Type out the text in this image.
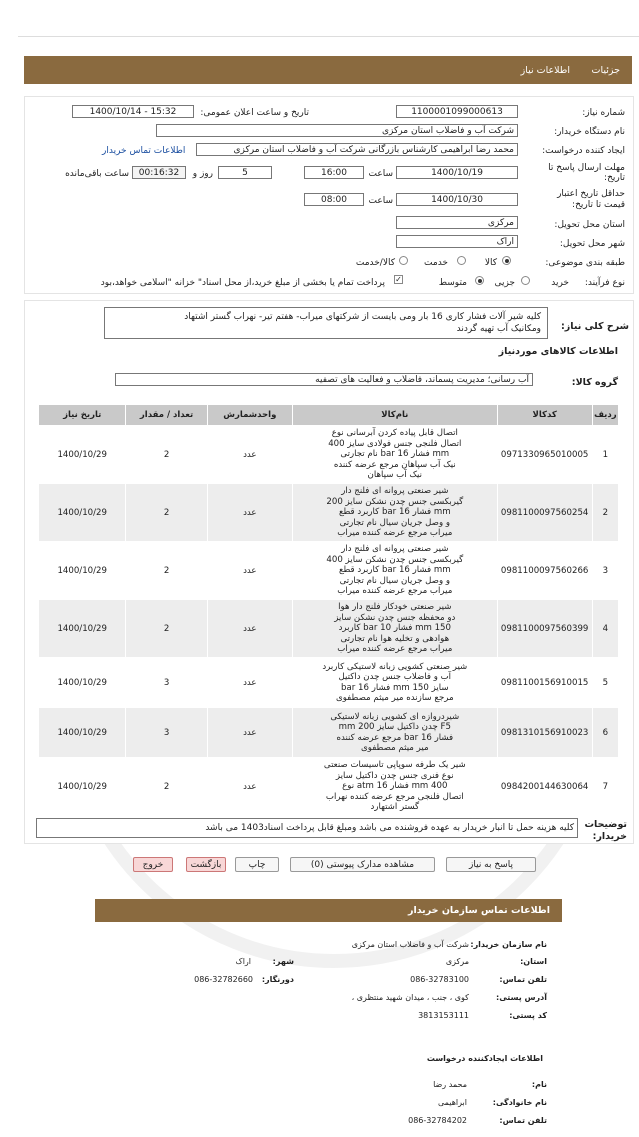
جزئیات
اطلاعات نیاز
شماره نیاز:
1100001099000613
تاریخ و ساعت اعلان عمومی:
1400/10/14 - 15:32
نام دستگاه خریدار:
شرکت آب و فاضلاب استان مرکزی
ایجاد کننده درخواست:
محمد رضا ابراهیمی کارشناس بازرگانی شرکت آب و فاضلاب استان مرکزی
اطلاعات تماس خریدار
مهلت ارسال پاسخ تا
تاریخ:
1400/10/19
ساعت
16:00
5
روز و
00:16:32
ساعت باقی‌مانده
حداقل تاریخ اعتبار
قیمت تا تاریخ:
1400/10/30
ساعت
08:00
استان محل تحویل:
مرکزی
شهر محل تحویل:
اراک
طبقه بندی موضوعی:
کالا
خدمت
کالا/خدمت
نوع فرآیند:
خرید
جزیی
متوسط
✓
پرداخت تمام یا بخشی از مبلغ خرید،از محل اسناد" خزانه "اسلامی خواهد،بود
شرح کلی نیاز:
کلیه شیر آلات فشار کاری 16 بار ومی بایست از شرکتهای میراب- هفتم تیر- نهراب گستر اشتهاد
ومکانیک آب تهیه گردند
اطلاعات کالاهای موردنیاز
گروه کالا:
آب رسانی؛ مدیریت پسماند، فاضلاب و فعالیت های تصفیه
ردیف	کدکالا	نام‌کالا	واحدشمارش	تعداد / مقدار	تاریخ نیاز
1	0971330965010005	اتصال قابل پیاده کردن آبرسانی نوع
اتصال فلنجی جنس فولادی سایز 400
mm فشار 16 bar نام تجارتی
نیک آب سپاهان مرجع عرضه کننده
نیک آب سپاهان	عدد	2	1400/10/29
2	0981100097560254	شیر صنعتی پروانه ای فلنج دار
گیربکسی جنس چدن نشکن سایز 200
mm فشار 16 bar کاربرد قطع
و وصل جریان سیال نام تجارتی
میراب مرجع عرضه کننده میراب	عدد	2	1400/10/29
3	0981100097560266	شیر صنعتی پروانه ای فلنج دار
گیربکسی جنس چدن نشکن سایز 400
mm فشار 16 bar کاربرد قطع
و وصل جریان سیال نام تجارتی
میراب مرجع عرضه کننده میراب	عدد	2	1400/10/29
4	0981100097560399	شیر صنعتی خودکار فلنج دار هوا
دو محفظه جنس چدن نشکن سایز
150 mm فشار 10 bar کاربرد
هوادهی و تخلیه هوا نام تجارتی
میراب مرجع عرضه کننده میراب	عدد	2	1400/10/29
5	0981100156910015	شیر صنعتی کشویی زبانه لاستیکی کاربرد
آب و فاضلاب جنس چدن داکتیل
سایز 150 mm فشار 16 bar
مرجع سازنده میر میثم مصطفوی	عدد	3	1400/10/29
6	0981310156910023	شیردروازه ای کشویی زبانه لاستیکی
F5 چدن داکتیل سایز 200 mm
فشار 16 bar مرجع عرضه کننده
میر میثم مصطفوی	عدد	3	1400/10/29
7	0984200144630064	شیر یک طرفه سوپاپی تاسیسات صنعتی
نوع فنری جنس چدن داکتیل سایز
400 mm فشار 16 atm نوع
اتصال فلنجی مرجع عرضه کننده نهراب
گستر اشتهارد	عدد	2	1400/10/29
توضیحات
خریدار:
کلیه هزینه حمل تا انبار خریدار به عهده فروشنده می باشد ومبلغ قابل پرداخت اسناد1403 می باشد
پاسخ به نیاز
مشاهده مدارک پیوستی (0)
چاپ
بازگشت
خروج
اطلاعات تماس سازمان خریدار
نام سازمان خریدار:
شرکت آب و فاضلاب استان مرکزی
استان:
مرکزی
شهر:
اراک
تلفن تماس:
086-32783100
دورنگار:
086-32782660
آدرس پستی:
کوی ، جنب ، میدان شهید منتظری ،
کد پستی:
3813153111
اطلاعات ایجادکننده درخواست
نام:
محمد رضا
نام خانوادگی:
ابراهیمی
تلفن تماس:
086-32784202
